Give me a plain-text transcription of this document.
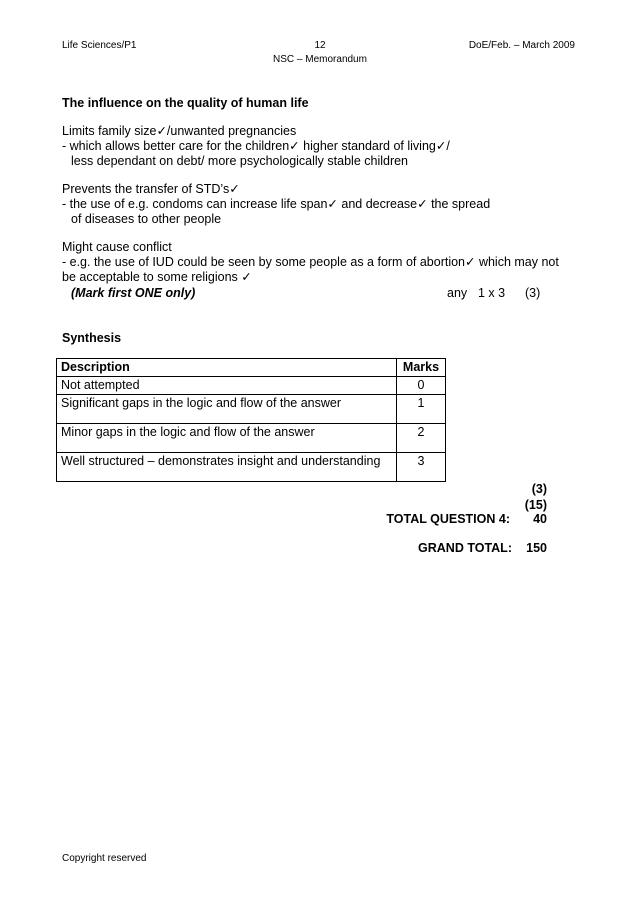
Life Sciences/P1	12
NSC – Memorandum
DoE/Feb. – March 2009
The influence on the quality of human life
Limits family size✓/unwanted pregnancies
- which allows better care for the children✓ higher standard of living✓/
less dependant on debt/ more psychologically stable children
Prevents the transfer of STD’s✓
- the use of e.g. condoms can increase life span✓ and decrease✓ the spread
of diseases to other people
Might cause conflict
- e.g. the use of IUD could be seen by some people as a form of abortion✓ which may not
be acceptable to some religions ✓
(Mark first ONE only)	any 1 x 3 (3)
Synthesis
Description	Marks
Not attempted	0
Significant gaps in the logic and flow of the answer	1
Minor gaps in the logic and flow of the answer	2
Well structured – demonstrates insight and understanding	3
(3)
(15)
TOTAL QUESTION 4:	40
GRAND TOTAL:	150
Copyright reserved
